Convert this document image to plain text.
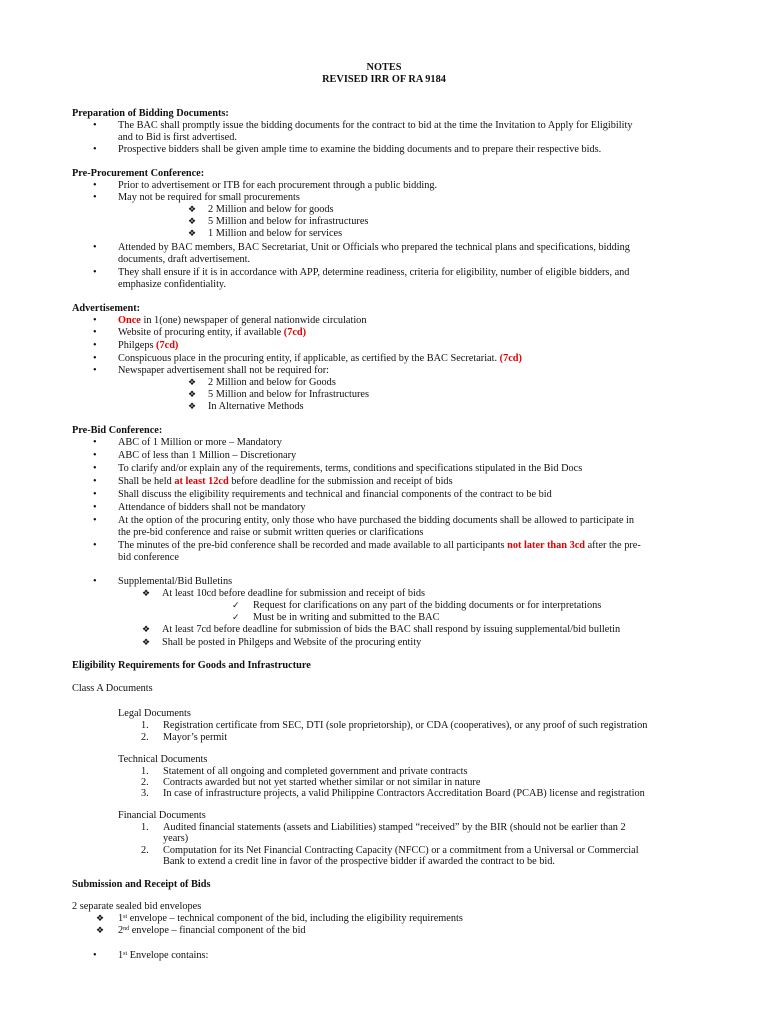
NOTES
REVISED IRR OF RA 9184
Preparation of Bidding Documents:
• The BAC shall promptly issue the bidding documents for the contract to bid at the time the Invitation to Apply for Eligibility
and to Bid is first advertised.
• Prospective bidders shall be given ample time to examine the bidding documents and to prepare their respective bids.
Pre-Procurement Conference:
• Prior to advertisement or ITB for each procurement through a public bidding.
• May not be required for small procurements
❖ 2 Million and below for goods
❖ 5 Million and below for infrastructures
❖ 1 Million and below for services
• Attended by BAC members, BAC Secretariat, Unit or Officials who prepared the technical plans and specifications, bidding
documents, draft advertisement.
• They shall ensure if it is in accordance with APP, determine readiness, criteria for eligibility, number of eligible bidders, and
emphasize confidentiality.
Advertisement:
• Once in 1(one) newspaper of general nationwide circulation
• Website of procuring entity, if available (7cd)
• Philgeps (7cd)
• Conspicuous place in the procuring entity, if applicable, as certified by the BAC Secretariat. (7cd)
• Newspaper advertisement shall not be required for:
❖ 2 Million and below for Goods
❖ 5 Million and below for Infrastructures
❖ In Alternative Methods
Pre-Bid Conference:
• ABC of 1 Million or more – Mandatory
• ABC of less than 1 Million – Discretionary
• To clarify and/or explain any of the requirements, terms, conditions and specifications stipulated in the Bid Docs
• Shall be held at least 12cd before deadline for the submission and receipt of bids
• Shall discuss the eligibility requirements and technical and financial components of the contract to be bid
• Attendance of bidders shall not be mandatory
• At the option of the procuring entity, only those who have purchased the bidding documents shall be allowed to participate in
the pre-bid conference and raise or submit written queries or clarifications
• The minutes of the pre-bid conference shall be recorded and made available to all participants not later than 3cd after the pre-
bid conference
• Supplemental/Bid Bulletins
❖ At least 10cd before deadline for submission and receipt of bids
✓ Request for clarifications on any part of the bidding documents or for interpretations
✓ Must be in writing and submitted to the BAC
❖ At least 7cd before deadline for submission of bids the BAC shall respond by issuing supplemental/bid bulletin
❖ Shall be posted in Philgeps and Website of the procuring entity
Eligibility Requirements for Goods and Infrastructure
Class A Documents
Legal Documents
1. Registration certificate from SEC, DTI (sole proprietorship), or CDA (cooperatives), or any proof of such registration
2. Mayor’s permit
Technical Documents
1. Statement of all ongoing and completed government and private contracts
2. Contracts awarded but not yet started whether similar or not similar in nature
3. In case of infrastructure projects, a valid Philippine Contractors Accreditation Board (PCAB) license and registration
Financial Documents
1. Audited financial statements (assets and Liabilities) stamped “received” by the BIR (should not be earlier than 2
years)
2. Computation for its Net Financial Contracting Capacity (NFCC) or a commitment from a Universal or Commercial
Bank to extend a credit line in favor of the prospective bidder if awarded the contract to be bid.
Submission and Receipt of Bids
2 separate sealed bid envelopes
❖ 1st envelope – technical component of the bid, including the eligibility requirements
❖ 2nd envelope – financial component of the bid
• 1st Envelope contains:
